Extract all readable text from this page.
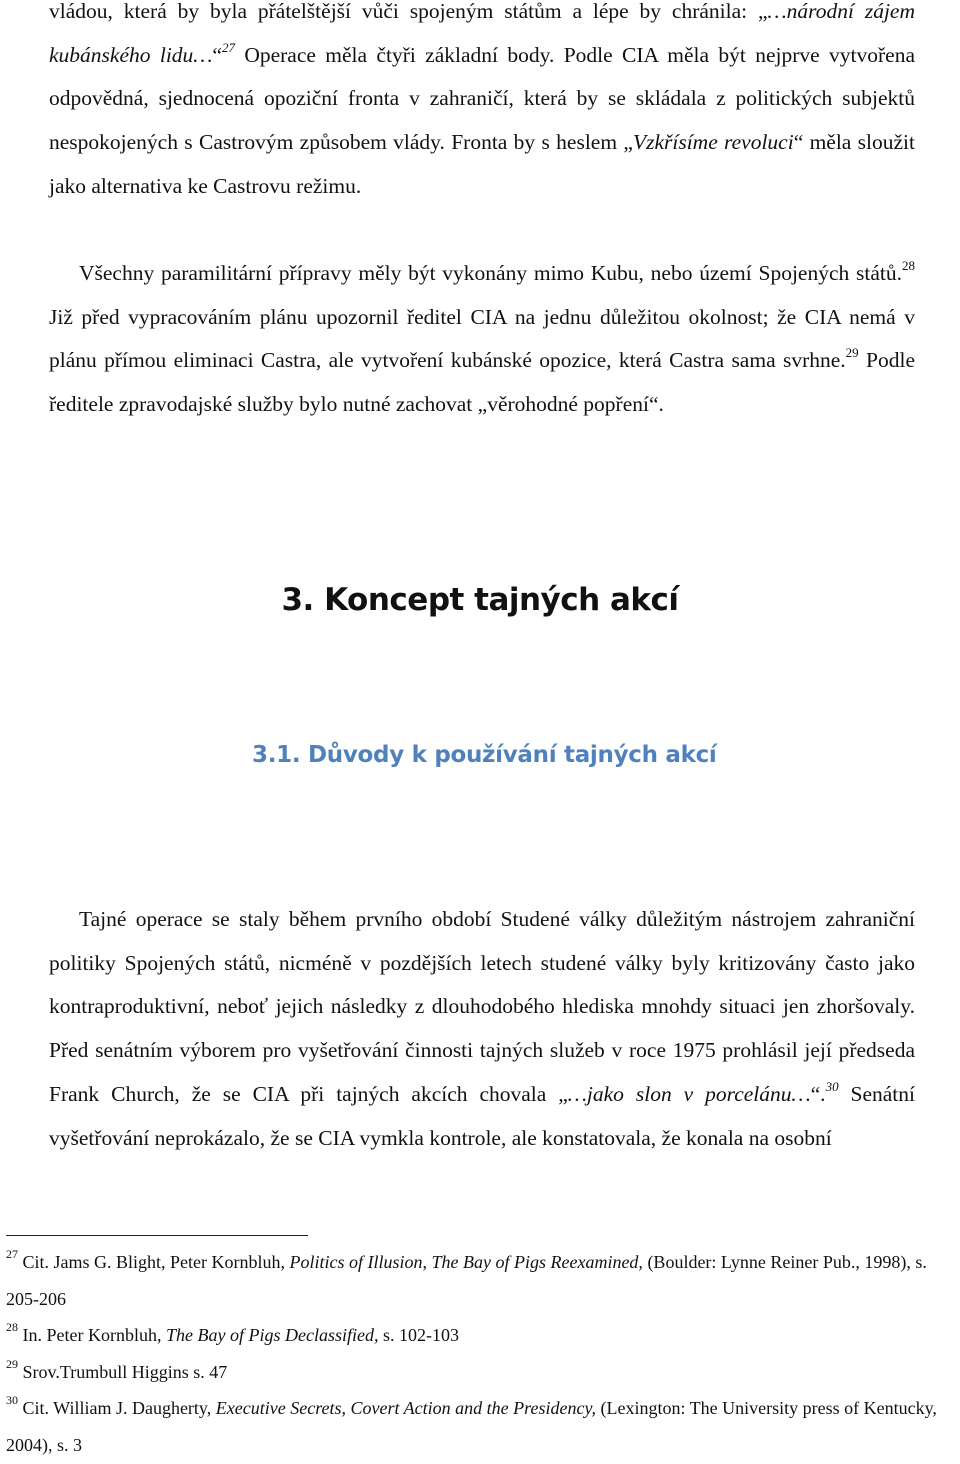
vládou, která by byla přátelštější vůči spojeným státům a lépe by chránila: „…národní zájem kubánského lidu…“$^{27}$ Operace měla čtyři základní body. Podle CIA měla být nejprve vytvořena odpovědná, sjednocená opoziční fronta v zahraničí, která by se skládala z politických subjektů nespokojených s Castrovým způsobem vlády. Fronta by s heslem „Vzkřísíme revoluci“ měla sloužit jako alternativa ke Castrovu režimu.

Všechny paramilitární přípravy měly být vykonány mimo Kubu, nebo území Spojených států.$^{28}$ Již před vypracováním plánu upozornil ředitel CIA na jednu důležitou okolnost; že CIA nemá v plánu přímou eliminaci Castra, ale vytvoření kubánské opozice, která Castra sama svrhne.$^{29}$ Podle ředitele zpravodajské služby bylo nutné zachovat „věrohodné popření“.

3. Koncept tajných akcí
3.1. Důvody k používání tajných akcí

Tajné operace se staly během prvního období Studené války důležitým nástrojem zahraniční politiky Spojených států, nicméně v pozdějších letech studené války byly kritizovány často jako kontraproduktivní, neboť jejich následky z dlouhodobého hlediska mnohdy situaci jen zhoršovaly. Před senátním výborem pro vyšetřování činnosti tajných služeb v roce 1975 prohlásil její předseda Frank Church, že se CIA při tajných akcích chovala „…jako slon v porcelánu…“.$^{30}$ Senátní vyšetřování neprokázalo, že se CIA vymkla kontrole, ale konstatovala, že konala na osobní

$^{27}$ Cit. Jams G. Blight, Peter Kornbluh, Politics of Illusion, The Bay of Pigs Reexamined, (Boulder: Lynne Reiner Pub., 1998), s. 205-206
$^{28}$ In. Peter Kornbluh, The Bay of Pigs Declassified, s. 102-103
$^{29}$ Srov.Trumbull Higgins s. 47
$^{30}$ Cit. William J. Daugherty, Executive Secrets, Covert Action and the Presidency, (Lexington: The University press of Kentucky, 2004), s. 3
